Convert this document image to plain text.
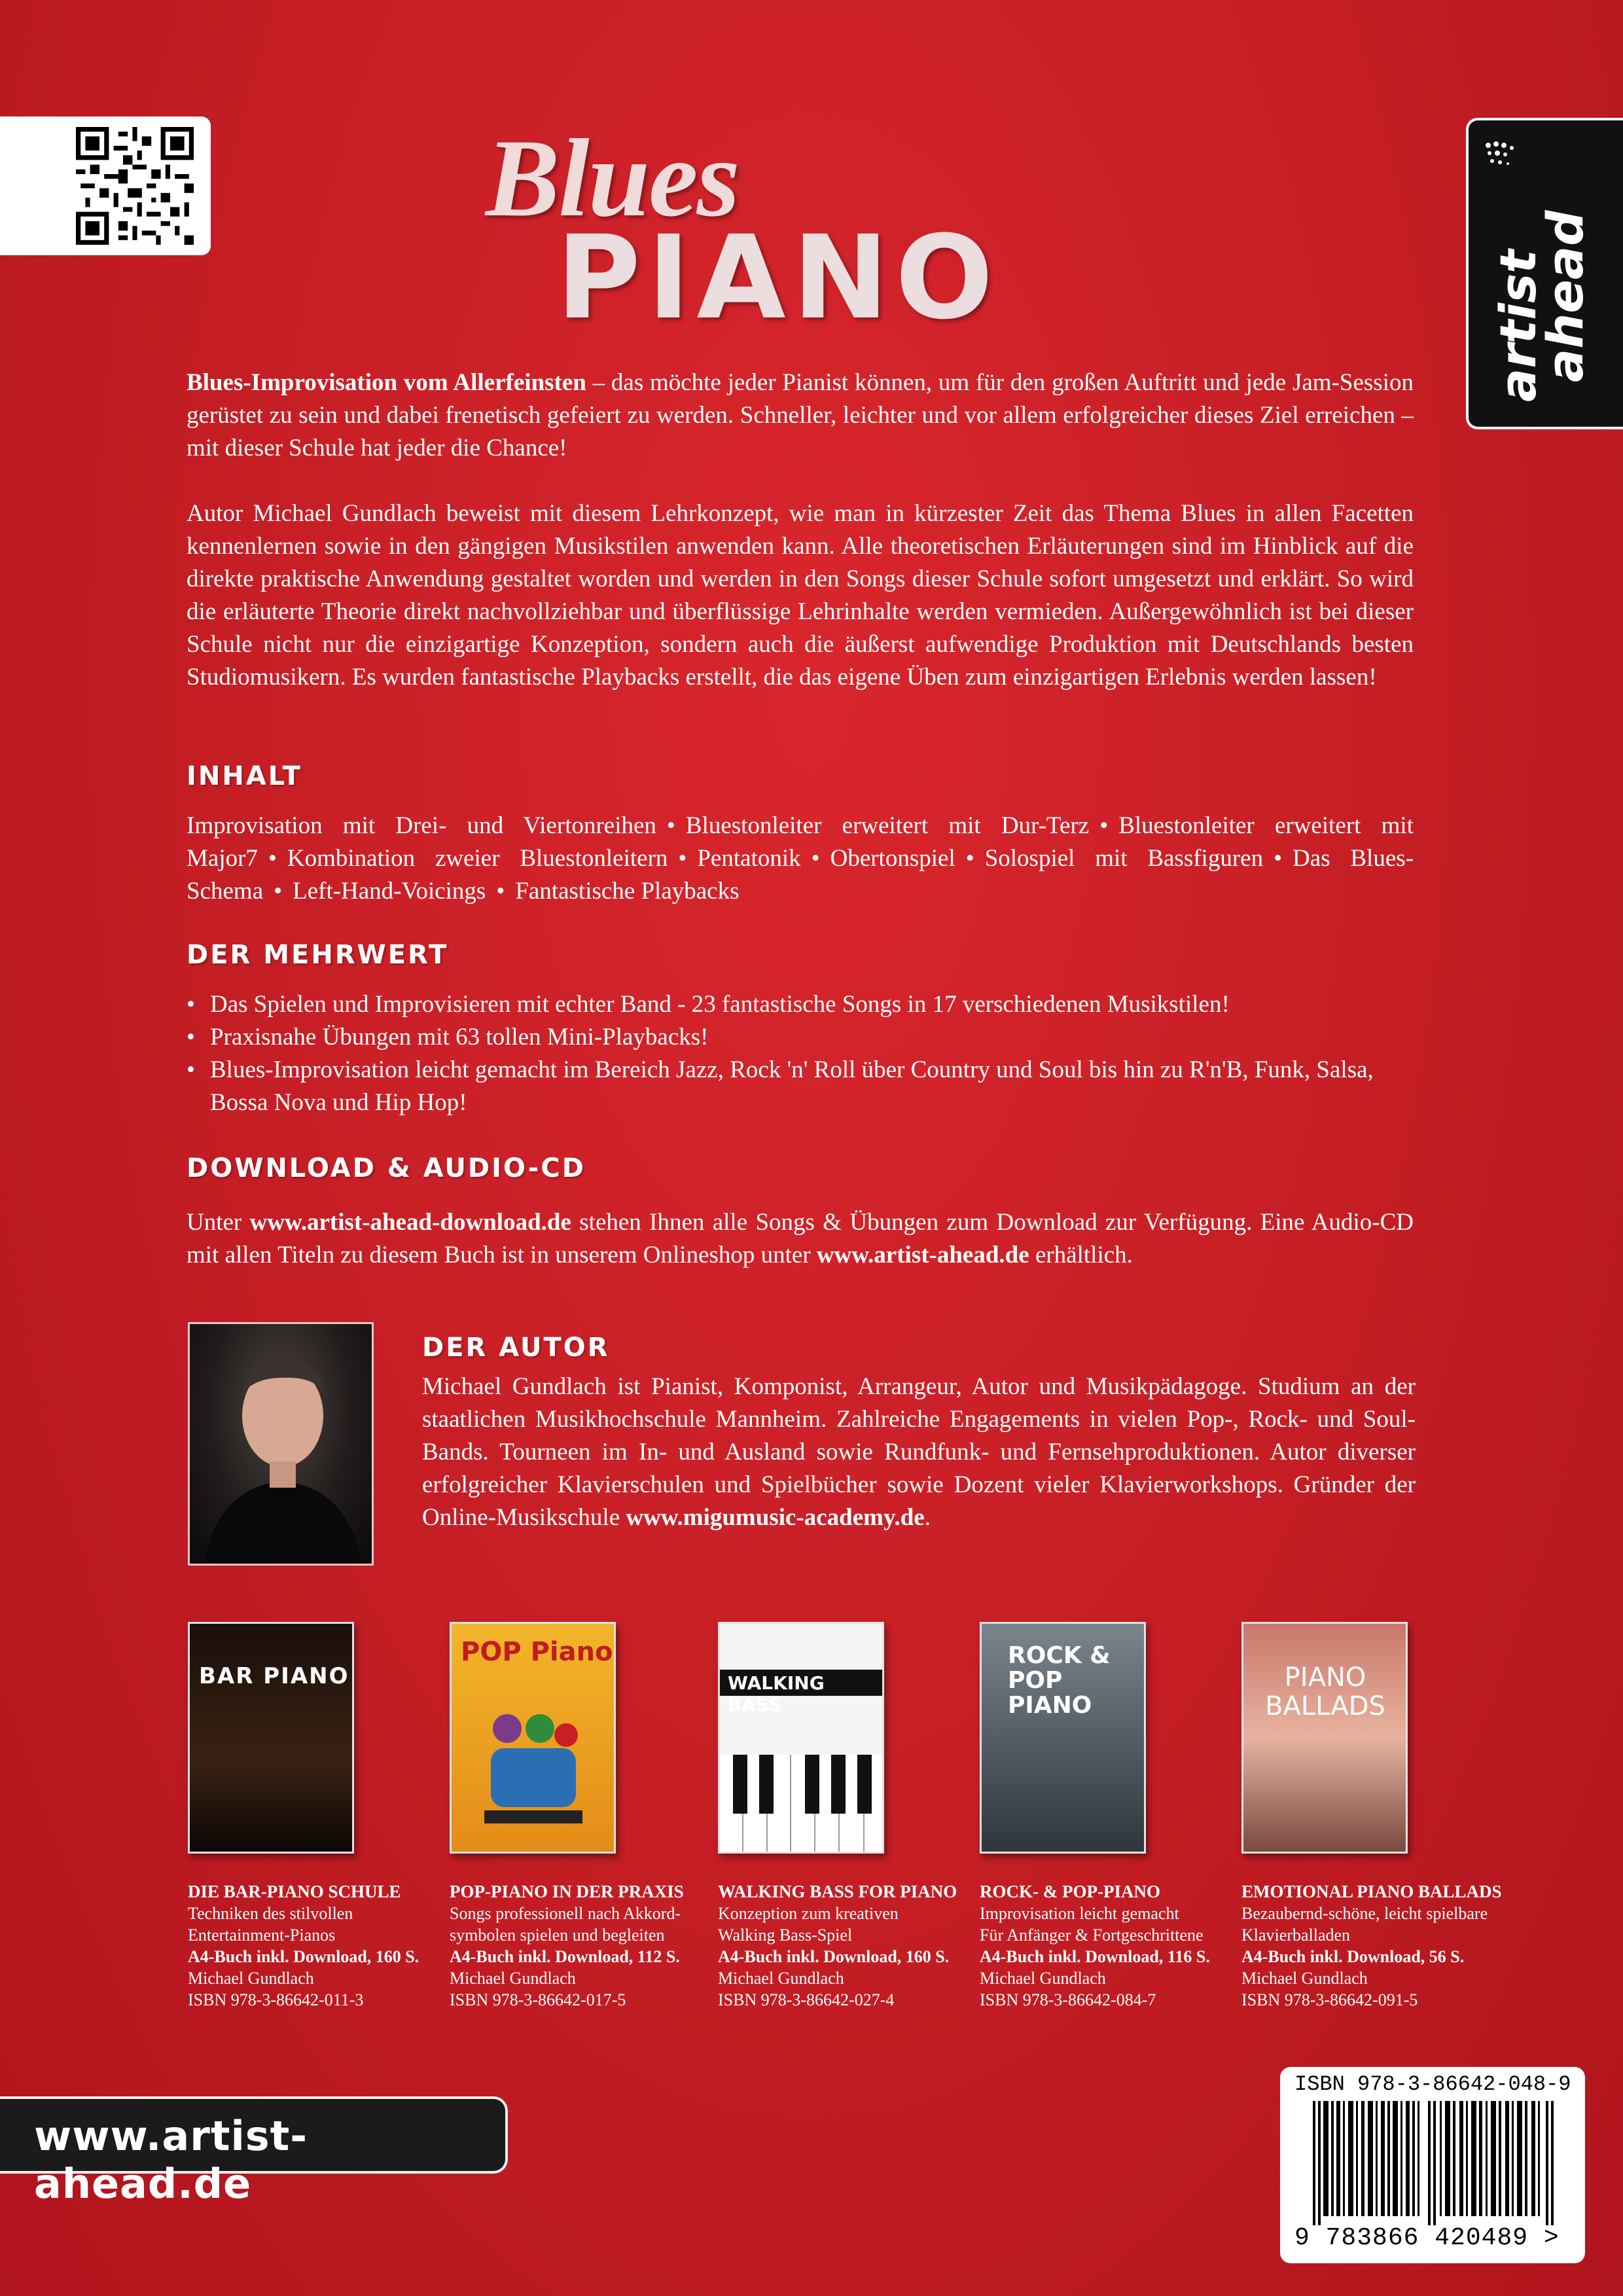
artist
ahead
Blues
PIANO
Blues-Improvisation vom Allerfeinsten – das möchte jeder Pianist können, um für den großen Auftritt und jede Jam-Session gerüstet zu sein und dabei frenetisch gefeiert zu werden. Schneller, leichter und vor allem erfolgreicher dieses Ziel erreichen – mit dieser Schule hat jeder die Chance!
Autor Michael Gundlach beweist mit diesem Lehrkonzept, wie man in kürzester Zeit das Thema Blues in allen Facetten kennenlernen sowie in den gängigen Musikstilen anwenden kann. Alle theoretischen Erläuterungen sind im Hinblick auf die direkte praktische Anwendung gestaltet worden und werden in den Songs dieser Schule sofort umgesetzt und erklärt. So wird die erläuterte Theorie direkt nachvollziehbar und überflüssige Lehrinhalte werden vermieden. Außergewöhnlich ist bei dieser Schule nicht nur die einzigartige Konzeption, sondern auch die äußerst aufwendige Produktion mit Deutschlands besten Studiomusikern. Es wurden fantastische Playbacks erstellt, die das eigene Üben zum einzigartigen Erlebnis werden lassen!
INHALT
Improvisation mit Drei- und Viertonreihen • Bluestonleiter erweitert mit Dur-Terz • Bluestonleiter erweitert mit Major7 • Kombination zweier Bluestonleitern • Pentatonik • Obertonspiel • Solospiel mit Bassfiguren • Das Blues-Schema • Left-Hand-Voicings • Fantastische Playbacks
DER MEHRWERT
• Das Spielen und Improvisieren mit echter Band - 23 fantastische Songs in 17 verschiedenen Musikstilen!
• Praxisnahe Übungen mit 63 tollen Mini-Playbacks!
• Blues-Improvisation leicht gemacht im Bereich Jazz, Rock 'n' Roll über Country und Soul bis hin zu R'n'B, Funk, Salsa, Bossa Nova und Hip Hop!
DOWNLOAD & AUDIO-CD
Unter www.artist-ahead-download.de stehen Ihnen alle Songs & Übungen zum Download zur Verfügung. Eine Audio-CD mit allen Titeln zu diesem Buch ist in unserem Onlineshop unter www.artist-ahead.de erhältlich.
DER AUTOR
Michael Gundlach ist Pianist, Komponist, Arrangeur, Autor und Musikpädagoge. Studium an der staatlichen Musikhochschule Mannheim. Zahlreiche Engagements in vielen Pop-, Rock- und Soul-Bands. Tourneen im In- und Ausland sowie Rundfunk- und Fernsehproduktionen. Autor diverser erfolgreicher Klavierschulen und Spielbücher sowie Dozent vieler Klavierworkshops. Gründer der Online-Musikschule www.migumusic-academy.de.
BAR PIANO
DIE BAR-PIANO SCHULE
Techniken des stilvollen
Entertainment-Pianos
A4-Buch inkl. Download, 160 S.
Michael Gundlach
ISBN 978-3-86642-011-3
POP Piano
POP-PIANO IN DER PRAXIS
Songs professionell nach Akkord-
symbolen spielen und begleiten
A4-Buch inkl. Download, 112 S.
Michael Gundlach
ISBN 978-3-86642-017-5
WALKING BASS
WALKING BASS FOR PIANO
Konzeption zum kreativen
Walking Bass-Spiel
A4-Buch inkl. Download, 160 S.
Michael Gundlach
ISBN 978-3-86642-027-4
ROCK & POP PIANO
ROCK- & POP-PIANO
Improvisation leicht gemacht
Für Anfänger & Fortgeschrittene
A4-Buch inkl. Download, 116 S.
Michael Gundlach
ISBN 978-3-86642-084-7
PIANO BALLADS
EMOTIONAL PIANO BALLADS
Bezaubernd-schöne, leicht spielbare
Klavierballaden
A4-Buch inkl. Download, 56 S.
Michael Gundlach
ISBN 978-3-86642-091-5
www.artist-ahead.de
ISBN 978-3-86642-048-9
9 783866 420489 >
